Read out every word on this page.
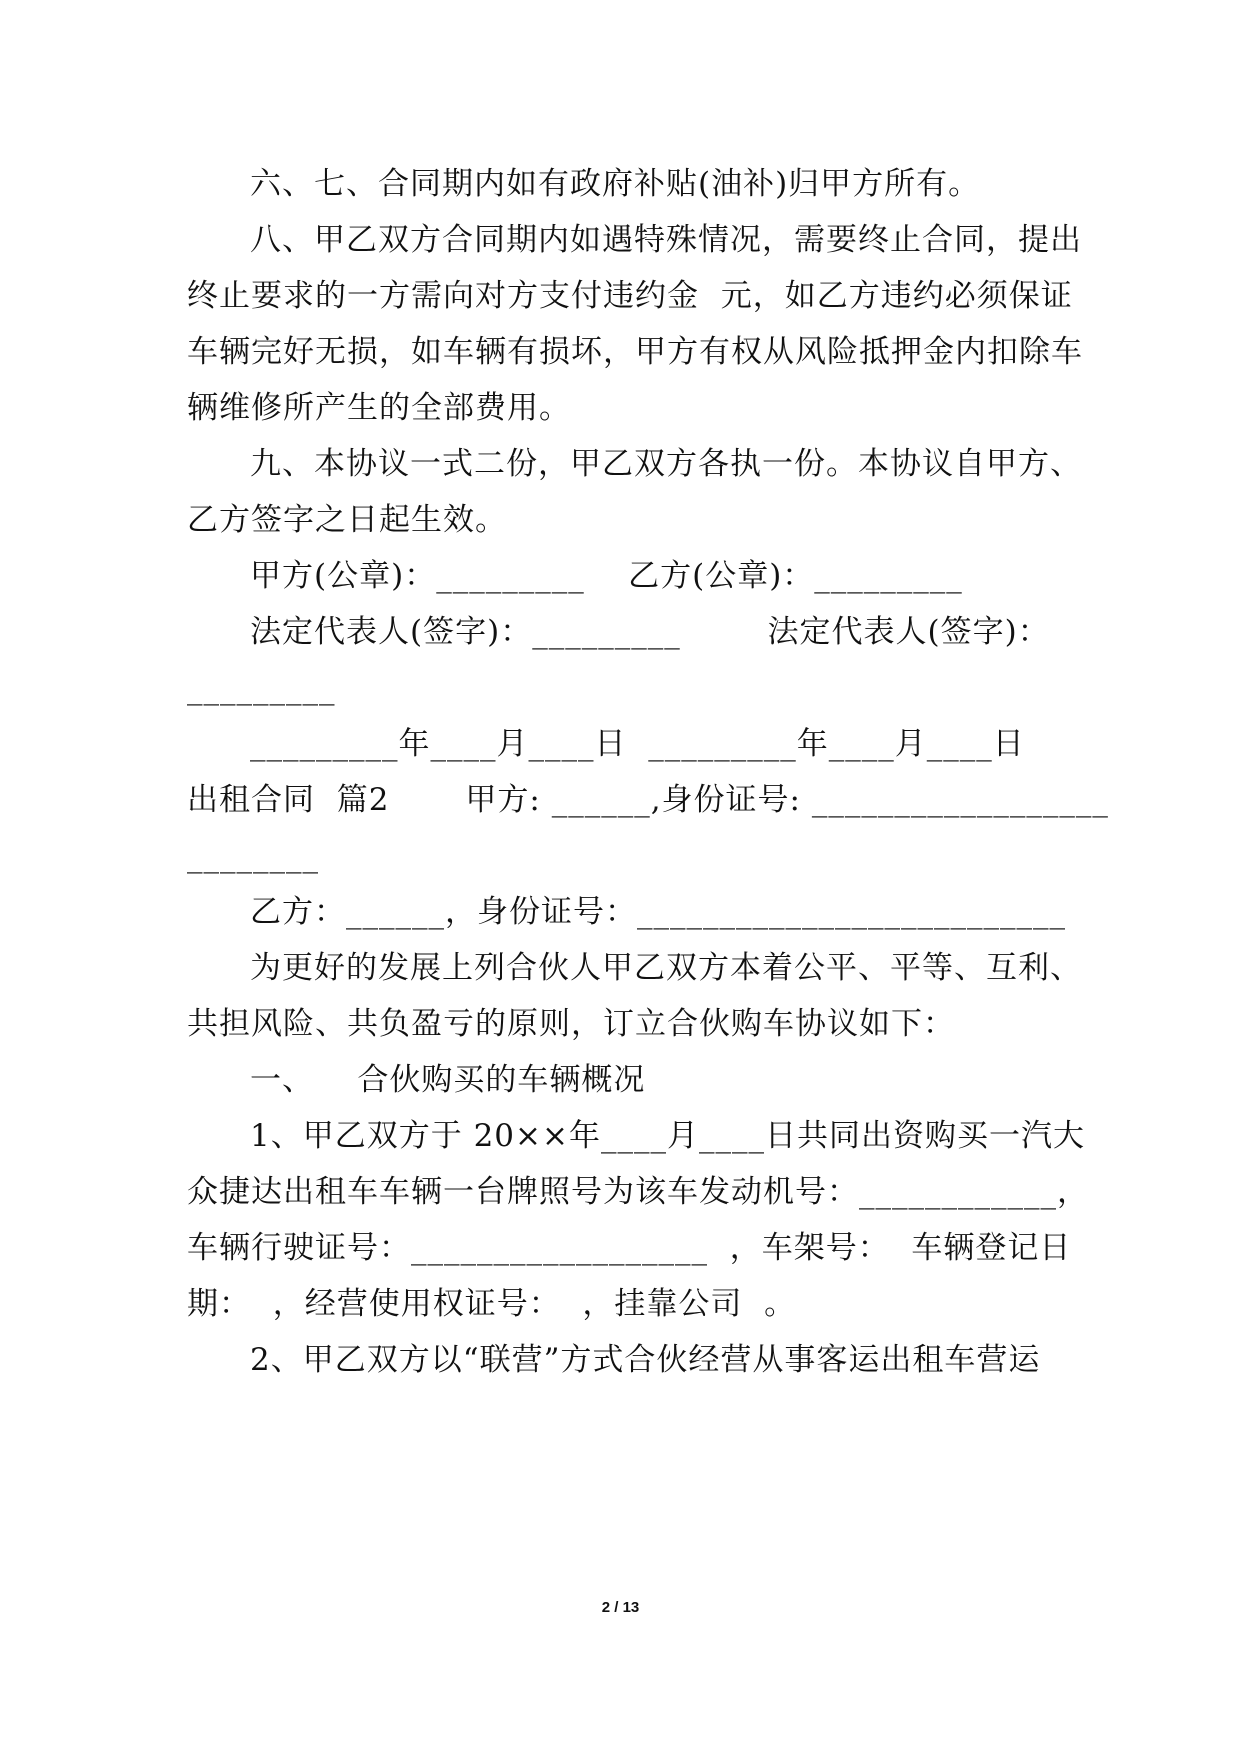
六、七、合同期内如有政府补贴(油补)归甲方所有。
八、甲乙双方合同期内如遇特殊情况，需要终止合同，提出
终止要求的一方需向对方支付违约金  元，如乙方违约必须保证
车辆完好无损，如车辆有损坏，甲方有权从风险抵押金内扣除车
辆维修所产生的全部费用。
九、本协议一式二份，甲乙双方各执一份。本协议自甲方、
乙方签字之日起生效。
甲方(公章)：_________    乙方(公章)：_________
法定代表人(签字)：_________        法定代表人(签字)：
_________
_________年____月____日  _________年____月____日
出租合同  篇2       甲方: ______,身份证号: __________________
________
乙方：______，身份证号：__________________________
为更好的发展上列合伙人甲乙双方本着公平、平等、互利、
共担风险、共负盈亏的原则，订立合伙购车协议如下：
一、    合伙购买的车辆概况
1、甲乙双方于 20××年____月____日共同出资购买一汽大
众捷达出租车车辆一台牌照号为该车发动机号：____________，
车辆行驶证号：__________________  ，车架号：  车辆登记日
期：  ，经营使用权证号：  ，挂靠公司  。
2、甲乙双方以“联营”方式合伙经营从事客运出租车营运
2 / 13
